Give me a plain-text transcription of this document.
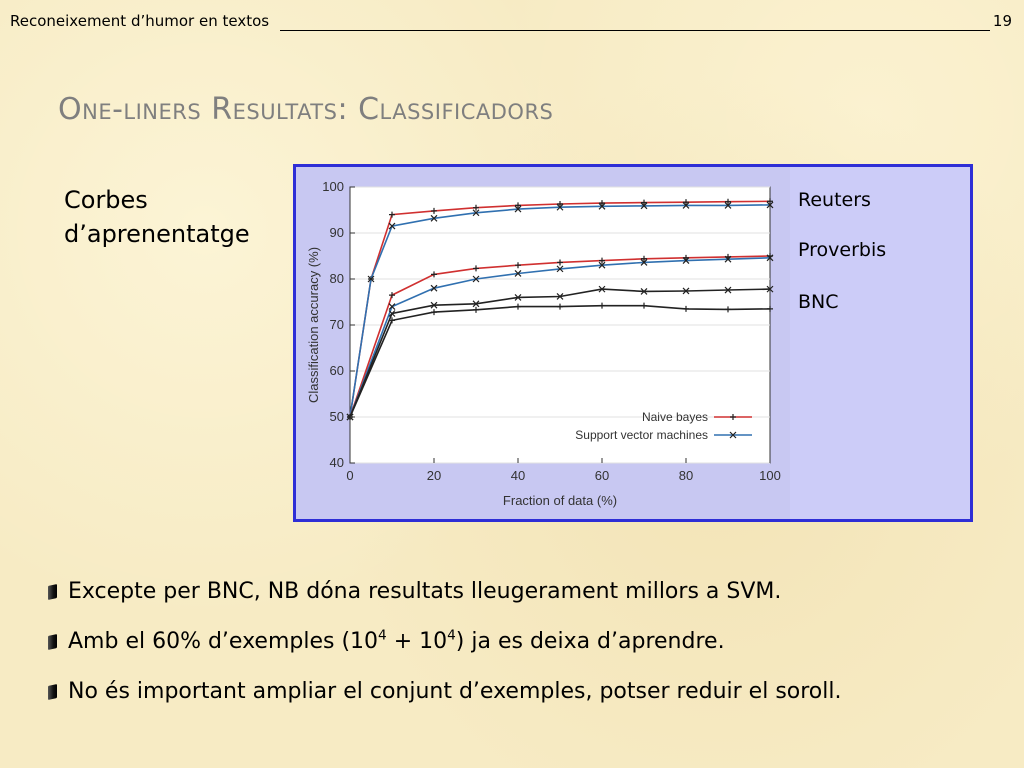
Reconeixement d’humor en textos	19
One-liners Resultats: Classificadors
Corbes
d’aprenentatge
40
50
60
70
80
90
100
0	20	40	60	80	100
Fraction of data (%)
Classification accuracy (%)
Naive bayes
Support vector machines
Reuters
Proverbis
BNC
Excepte per BNC, NB dóna resultats lleugerament millors a SVM.
Amb el 60% d’exemples $(10^4 + 10^4)$ ja es deixa d’aprendre.
No és important ampliar el conjunt d’exemples, potser reduir el soroll.
